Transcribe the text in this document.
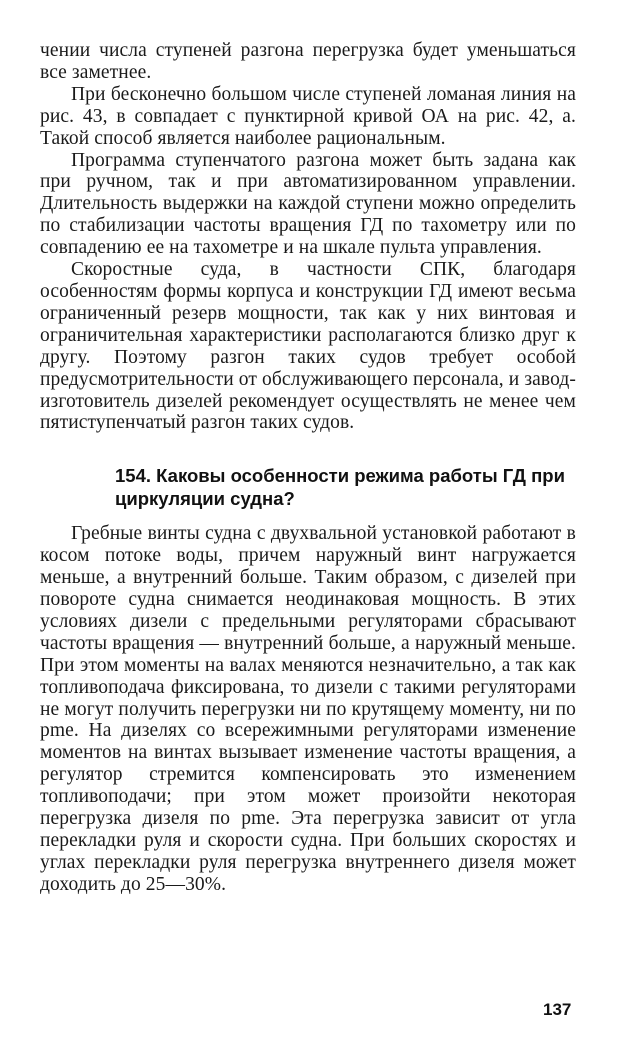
чении числа ступеней разгона перегрузка будет уменьшаться все заметнее.

При бесконечно большом числе ступеней ломаная линия на рис. 43, в совпадает с пунктирной кривой ОА на рис. 42, а. Такой способ является наиболее рациональным.

Программа ступенчатого разгона может быть задана как при ручном, так и при автоматизированном управлении. Длительность выдержки на каждой ступени можно определить по стабилизации частоты вращения ГД по тахометру или по совпадению ее на тахометре и на шкале пульта управления.

Скоростные суда, в частности СПК, благодаря особенностям формы корпуса и конструкции ГД имеют весьма ограниченный резерв мощности, так как у них винтовая и ограничительная характеристики располагаются близко друг к другу. Поэтому разгон таких судов требует особой предусмотрительности от обслуживающего персонала, и завод-изготовитель дизелей рекомендует осуществлять не менее чем пятиступенчатый разгон таких судов.

154. Каковы особенности режима работы ГД при циркуляции судна?

Гребные винты судна с двухвальной установкой работают в косом потоке воды, причем наружный винт нагружается меньше, а внутренний больше. Таким образом, с дизелей при повороте судна снимается неодинаковая мощность. В этих условиях дизели с предельными регуляторами сбрасывают частоты вращения — внутренний больше, а наружный меньше. При этом моменты на валах меняются незначительно, а так как топливоподача фиксирована, то дизели с такими регуляторами не могут получить перегрузки ни по крутящему моменту, ни по pme. На дизелях со всережимными регуляторами изменение моментов на винтах вызывает изменение частоты вращения, а регулятор стремится компенсировать это изменением топливоподачи; при этом может произойти некоторая перегрузка дизеля по pme. Эта перегрузка зависит от угла перекладки руля и скорости судна. При больших скоростях и углах перекладки руля перегрузка внутреннего дизеля может доходить до 25—30%.

137
